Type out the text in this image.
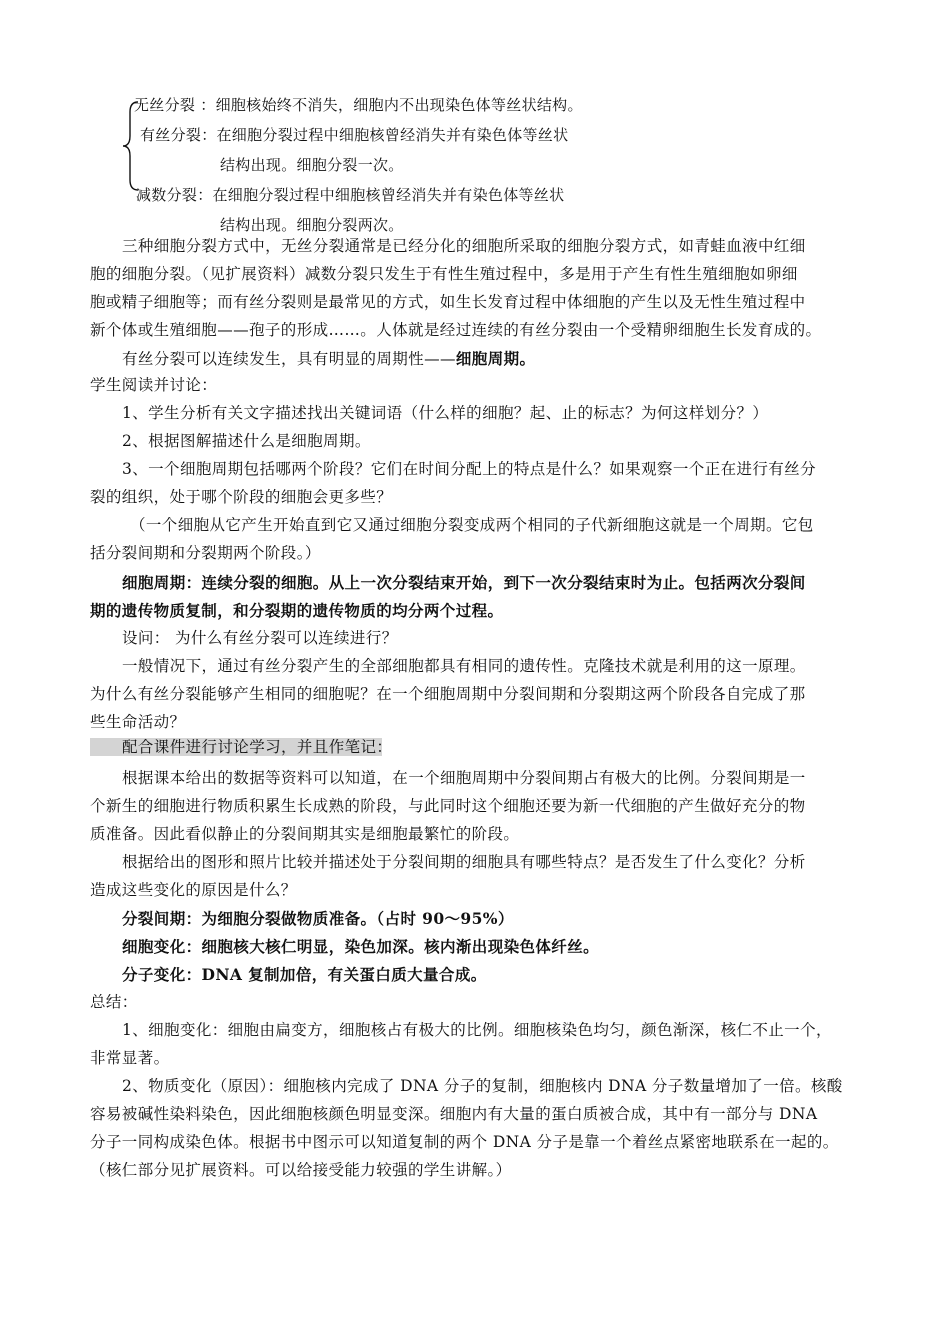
无丝分裂 ：细胞核始终不消失，细胞内不出现染色体等丝状结构。
有丝分裂：在细胞分裂过程中细胞核曾经消失并有染色体等丝状
结构出现。细胞分裂一次。
减数分裂：在细胞分裂过程中细胞核曾经消失并有染色体等丝状
结构出现。细胞分裂两次。
三种细胞分裂方式中，无丝分裂通常是已经分化的细胞所采取的细胞分裂方式，如青蛙血液中红细
胞的细胞分裂。（见扩展资料）减数分裂只发生于有性生殖过程中，多是用于产生有性生殖细胞如卵细
胞或精子细胞等；而有丝分裂则是最常见的方式，如生长发育过程中体细胞的产生以及无性生殖过程中
新个体或生殖细胞——孢子的形成……。人体就是经过连续的有丝分裂由一个受精卵细胞生长发育成的。
有丝分裂可以连续发生，具有明显的周期性——细胞周期。
学生阅读并讨论：
1、学生分析有关文字描述找出关键词语（什么样的细胞？起、止的标志？为何这样划分？）
2、根据图解描述什么是细胞周期。
3、一个细胞周期包括哪两个阶段？它们在时间分配上的特点是什么？如果观察一个正在进行有丝分
裂的组织，处于哪个阶段的细胞会更多些？
（一个细胞从它产生开始直到它又通过细胞分裂变成两个相同的子代新细胞这就是一个周期。它包
括分裂间期和分裂期两个阶段。）
细胞周期：连续分裂的细胞。从上一次分裂结束开始，到下一次分裂结束时为止。包括两次分裂间
期的遗传物质复制，和分裂期的遗传物质的均分两个过程。
设问： 为什么有丝分裂可以连续进行？
一般情况下，通过有丝分裂产生的全部细胞都具有相同的遗传性。克隆技术就是利用的这一原理。
为什么有丝分裂能够产生相同的细胞呢？在一个细胞周期中分裂间期和分裂期这两个阶段各自完成了那
些生命活动？
配合课件进行讨论学习，并且作笔记：
根据课本给出的数据等资料可以知道，在一个细胞周期中分裂间期占有极大的比例。分裂间期是一
个新生的细胞进行物质积累生长成熟的阶段，与此同时这个细胞还要为新一代细胞的产生做好充分的物
质准备。因此看似静止的分裂间期其实是细胞最繁忙的阶段。
根据给出的图形和照片比较并描述处于分裂间期的细胞具有哪些特点？是否发生了什么变化？分析
造成这些变化的原因是什么？
分裂间期：为细胞分裂做物质准备。（占时 90～95%）
细胞变化：细胞核大核仁明显，染色加深。核内渐出现染色体纤丝。
分子变化：DNA 复制加倍，有关蛋白质大量合成。
总结：
1、细胞变化：细胞由扁变方，细胞核占有极大的比例。细胞核染色均匀，颜色渐深，核仁不止一个，
非常显著。
2、物质变化（原因）：细胞核内完成了 DNA 分子的复制，细胞核内 DNA 分子数量增加了一倍。核酸
容易被碱性染料染色，因此细胞核颜色明显变深。细胞内有大量的蛋白质被合成，其中有一部分与 DNA
分子一同构成染色体。根据书中图示可以知道复制的两个 DNA 分子是靠一个着丝点紧密地联系在一起的。
（核仁部分见扩展资料。可以给接受能力较强的学生讲解。）
